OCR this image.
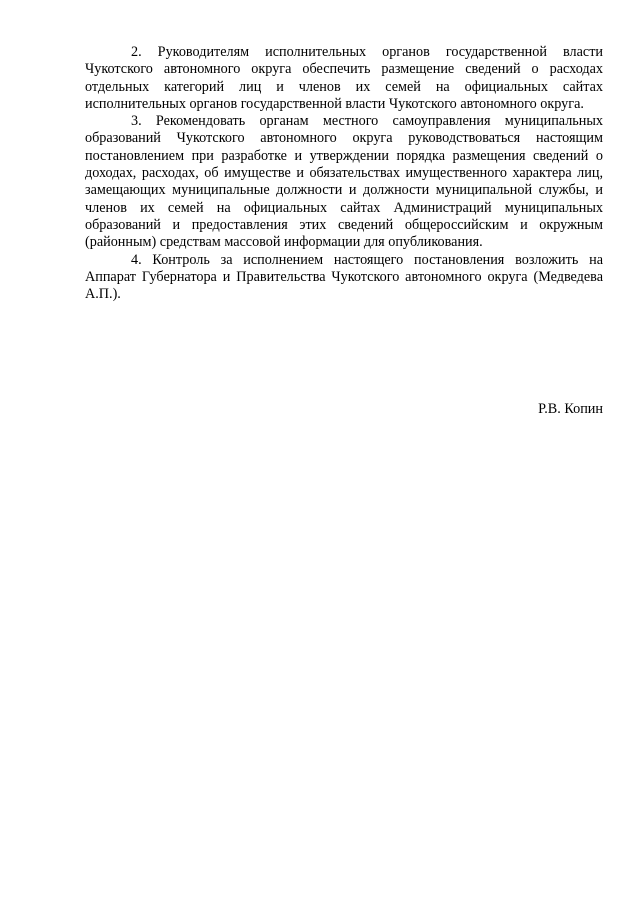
2. Руководителям исполнительных органов государственной власти Чукотского автономного округа обеспечить размещение сведений о расходах отдельных категорий лиц и членов их семей на официальных сайтах исполнительных органов государственной власти Чукотского автономного округа.

3. Рекомендовать органам местного самоуправления муниципальных образований Чукотского автономного округа руководствоваться настоящим постановлением при разработке и утверждении порядка размещения сведений о доходах, расходах, об имуществе и обязательствах имущественного характера лиц, замещающих муниципальные должности и должности муниципальной службы, и членов их семей на официальных сайтах Администраций муниципальных образований и предоставления этих сведений общероссийским и окружным (районным) средствам массовой информации для опубликования.

4. Контроль за исполнением настоящего постановления возложить на Аппарат Губернатора и Правительства Чукотского автономного округа (Медведева А.П.).

Р.В. Копин
